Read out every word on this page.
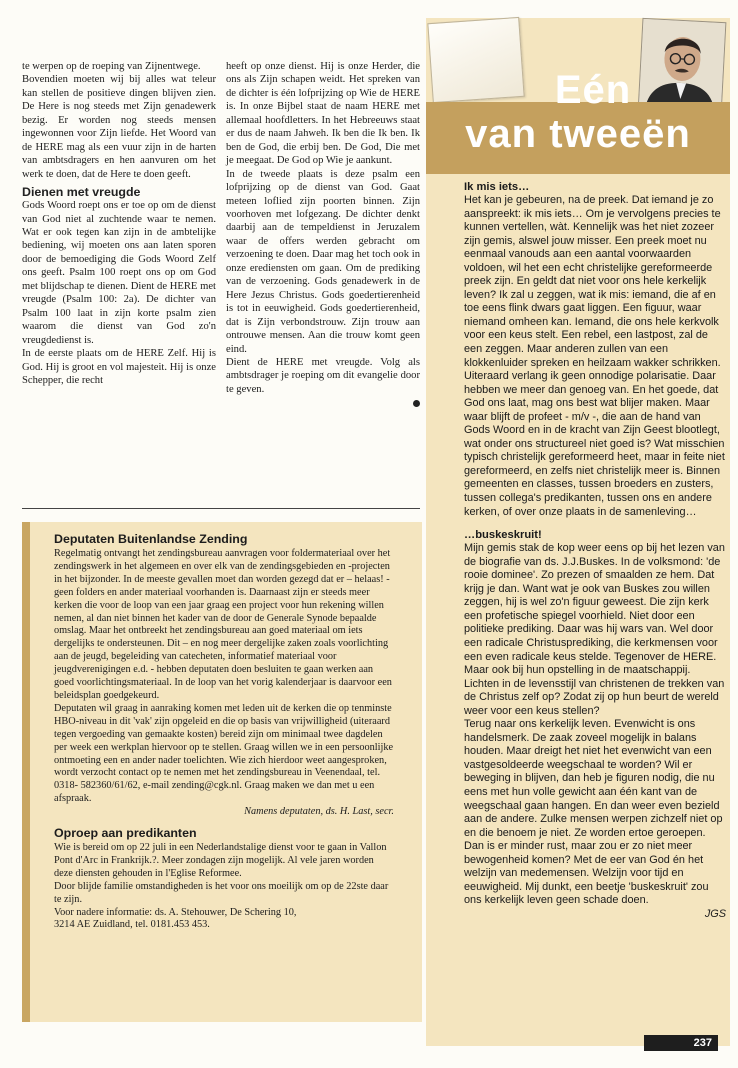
te werpen op de roeping van Zijnentwege.

Bovendien moeten wij bij alles wat teleur kan stellen de positieve dingen blijven zien. De Here is nog steeds met Zijn genadewerk bezig. Er worden nog steeds mensen ingewonnen voor Zijn liefde. Het Woord van de HERE mag als een vuur zijn in de harten van ambtsdragers en hen aanvuren om het werk te doen, dat de Here te doen geeft.

Dienen met vreugde

Gods Woord roept ons er toe op om de dienst van God niet al zuchtende waar te nemen. Wat er ook tegen kan zijn in de ambtelijke bediening, wij moeten ons aan laten sporen door de bemoediging die Gods Woord Zelf ons geeft. Psalm 100 roept ons op om God met blijdschap te dienen. Dient de HERE met vreugde (Psalm 100: 2a). De dichter van Psalm 100 laat in zijn korte psalm zien waarom die dienst van God zo'n vreugdedienst is.

In de eerste plaats om de HERE Zelf. Hij is God. Hij is groot en vol majesteit. Hij is onze Schepper, die recht

heeft op onze dienst. Hij is onze Herder, die ons als Zijn schapen weidt. Het spreken van de dichter is één lofprijzing op Wie de HERE is. In onze Bijbel staat de naam HERE met allemaal hoofdletters. In het Hebreeuws staat er dus de naam Jahweh. Ik ben die Ik ben. Ik ben de God, die erbij ben. De God, Die met je meegaat. De God op Wie je aankunt.

In de tweede plaats is deze psalm een lofprijzing op de dienst van God. Gaat meteen loflied zijn poorten binnen. Zijn voorhoven met lofgezang. De dichter denkt daarbij aan de tempeldienst in Jeruzalem waar de offers werden gebracht om verzoening te doen. Daar mag het toch ook in onze erediensten om gaan. Om de prediking van de verzoening. Gods genadewerk in de Here Jezus Christus. Gods goedertierenheid is tot in eeuwigheid. Gods goedertierenheid, dat is Zijn verbondstrouw. Zijn trouw aan ontrouwe mensen. Aan die trouw komt geen eind.

Dient de HERE met vreugde. Volg als ambtsdrager je roeping om dit evangelie door te geven.

Eén
van tweeën
Ik mis iets…

Het kan je gebeuren, na de preek. Dat iemand je zo aanspreekt: ik mis iets… Om je vervolgens precies te kunnen vertellen, wàt. Kennelijk was het niet zozeer zijn gemis, alswel jouw misser. Een preek moet nu eenmaal vanouds aan een aantal voorwaarden voldoen, wil het een echt christelijke gereformeerde preek zijn. En geldt dat niet voor ons hele kerkelijk leven? Ik zal u zeggen, wat ik mis: iemand, die af en toe eens flink dwars gaat liggen. Een figuur, waar niemand omheen kan. Iemand, die ons hele kerkvolk voor een keus stelt. Een rebel, een lastpost, zal de een zeggen. Maar anderen zullen van een klokkenluider spreken en heilzaam wakker schrikken. Uiteraard verlang ik geen onnodige polarisatie. Daar hebben we meer dan genoeg van. En het goede, dat God ons laat, mag ons best wat blijer maken. Maar waar blijft de profeet - m/v -, die aan de hand van Gods Woord en in de kracht van Zijn Geest blootlegt, wat onder ons structureel niet goed is? Wat misschien typisch christelijk gereformeerd heet, maar in feite niet gereformeerd, en zelfs niet christelijk meer is. Binnen gemeenten en classes, tussen broeders en zusters, tussen collega's predikanten, tussen ons en andere kerken, of over onze plaats in de samenleving…

…buskeskruit!

Mijn gemis stak de kop weer eens op bij het lezen van de biografie van ds. J.J.Buskes. In de volksmond: 'de rooie dominee'. Zo prezen of smaalden ze hem. Dat krijg je dan. Want wat je ook van Buskes zou willen zeggen, hij is wel zo'n figuur geweest. Die zijn kerk een profetische spiegel voorhield. Niet door een politieke prediking. Daar was hij wars van. Wel door een radicale Christusprediking, die kerkmensen voor een even radicale keus stelde. Tegenover de HERE. Maar ook bij hun opstelling in de maatschappij. Lichten in de levensstijl van christenen de trekken van de Christus zelf op? Zodat zij op hun beurt de wereld weer voor een keus stellen?

Terug naar ons kerkelijk leven. Evenwicht is ons handelsmerk. De zaak zoveel mogelijk in balans houden. Maar dreigt het niet het evenwicht van een vastgesoldeerde weegschaal te worden? Wil er beweging in blijven, dan heb je figuren nodig, die nu eens met hun volle gewicht aan één kant van de weegschaal gaan hangen. En dan weer even bezield aan de andere. Zulke mensen werpen zichzelf niet op en die benoem je niet. Ze worden ertoe geroepen. Dan is er minder rust, maar zou er zo niet meer bewogenheid komen? Met de eer van God én het welzijn van medemensen. Welzijn voor tijd en eeuwigheid. Mij dunkt, een beetje 'buskeskruit' zou ons kerkelijk leven geen schade doen.

JGS

Deputaten Buitenlandse Zending

Regelmatig ontvangt het zendingsbureau aanvragen voor foldermateriaal over het zendingswerk in het algemeen en over elk van de zendingsgebieden en -projecten in het bijzonder. In de meeste gevallen moet dan worden gezegd dat er – helaas! - geen folders en ander materiaal voorhanden is. Daarnaast zijn er steeds meer kerken die voor de loop van een jaar graag een project voor hun rekening willen nemen, al dan niet binnen het kader van de door de Generale Synode bepaalde omslag. Maar het ontbreekt het zendingsbureau aan goed materiaal om iets dergelijks te ondersteunen. Dit – en nog meer dergelijke zaken zoals voorlichting aan de jeugd, begeleiding van catecheten, informatief materiaal voor jeugdverenigingen e.d. - hebben deputaten doen besluiten te gaan werken aan goed voorlichtingsmateriaal. In de loop van het vorig kalenderjaar is daarvoor een beleidsplan goedgekeurd.

Deputaten wil graag in aanraking komen met leden uit de kerken die op tenminste HBO-niveau in dit 'vak' zijn opgeleid en die op basis van vrijwilligheid (uiteraard tegen vergoeding van gemaakte kosten) bereid zijn om minimaal twee dagdelen per week een werkplan hiervoor op te stellen. Graag willen we in een persoonlijke ontmoeting een en ander nader toelichten. Wie zich hierdoor weet aangesproken, wordt verzocht contact op te nemen met het zendingsbureau in Veenendaal, tel. 0318- 582360/61/62, e-mail zending@cgk.nl. Graag maken we dan met u een afspraak.

Namens deputaten, ds. H. Last, secr.

Oproep aan predikanten

Wie is bereid om op 22 juli in een Nederlandstalige dienst voor te gaan in Vallon Pont d'Arc in Frankrijk.?. Meer zondagen zijn mogelijk. Al vele jaren worden deze diensten gehouden in l'Eglise Reformee.

Door blijde familie omstandigheden is het voor ons moeilijk om op de 22ste daar te zijn.

Voor nadere informatie: ds. A. Stehouwer, De Schering 10,

3214 AE Zuidland, tel. 0181.453 453.

237
